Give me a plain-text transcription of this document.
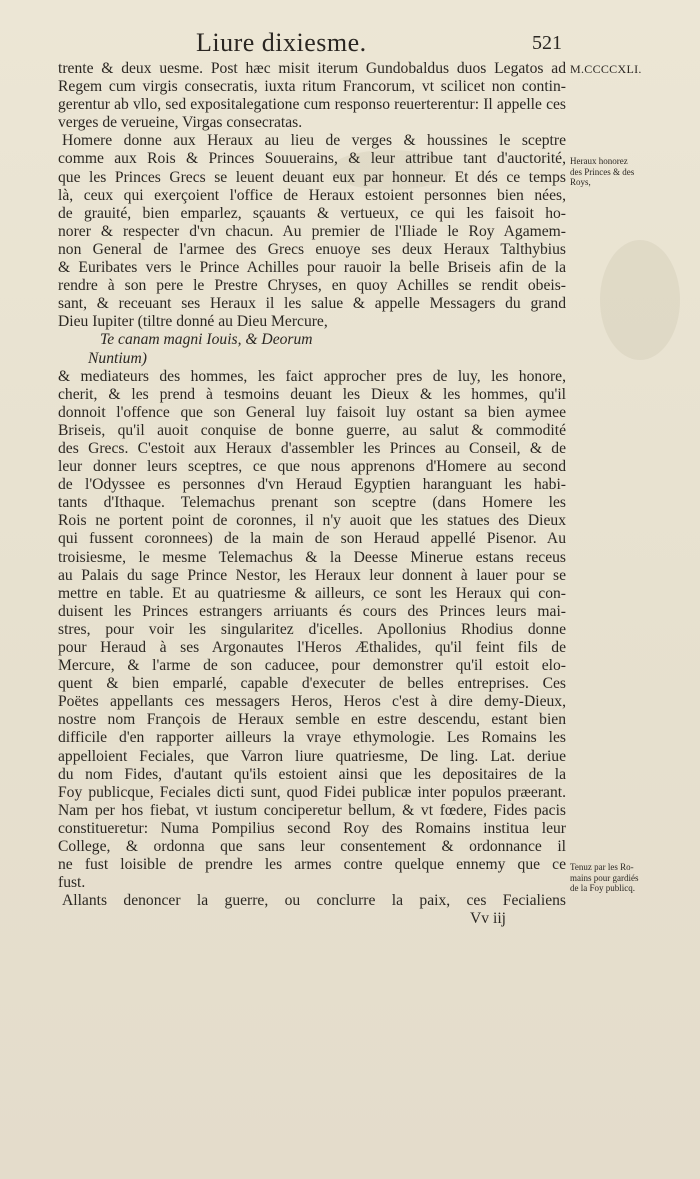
Liure dixiesme.	521
M.CCCCXLI.
Heraux honorez
des Princes & des
Roys,
Tenuz par les Ro-
mains pour gardiés
de la Foy publicq.
trente & deux uesme. Post hæc misit iterum Gundobaldus duos Legatos ad
Regem cum virgis consecratis, iuxta ritum Francorum, vt scilicet non contin-
gerentur ab vllo, sed expositalegatione cum responso reuerterentur: Il appelle ces
verges de verueine, Virgas consecratas.
Homere donne aux Heraux au lieu de verges & houssines le sceptre
comme aux Rois & Princes Souuerains, & leur attribue tant d'auctorité,
que les Princes Grecs se leuent deuant eux par honneur. Et dés ce temps
là, ceux qui exerçoient l'office de Heraux estoient personnes bien nées,
de grauité, bien emparlez, sçauants & vertueux, ce qui les faisoit ho-
norer & respecter d'vn chacun. Au premier de l'Iliade le Roy Agamem-
non General de l'armee des Grecs enuoye ses deux Heraux Talthybius
& Euribates vers le Prince Achilles pour rauoir la belle Briseis afin de la
rendre à son pere le Prestre Chryses, en quoy Achilles se rendit obeis-
sant, & receuant ses Heraux il les salue & appelle Messagers du grand
Dieu Iupiter (tiltre donné au Dieu Mercure,
Te canam magni Iouis, & Deorum
Nuntium)
& mediateurs des hommes, les faict approcher pres de luy, les honore,
cherit, & les prend à tesmoins deuant les Dieux & les hommes, qu'il
donnoit l'offence que son General luy faisoit luy ostant sa bien aymee
Briseis, qu'il auoit conquise de bonne guerre, au salut & commodité
des Grecs. C'estoit aux Heraux d'assembler les Princes au Conseil, & de
leur donner leurs sceptres, ce que nous apprenons d'Homere au second
de l'Odyssee es personnes d'vn Heraud Egyptien haranguant les habi-
tants d'Ithaque. Telemachus prenant son sceptre (dans Homere les
Rois ne portent point de coronnes, il n'y auoit que les statues des Dieux
qui fussent coronnees) de la main de son Heraud appellé Pisenor. Au
troisiesme, le mesme Telemachus & la Deesse Minerue estans receus
au Palais du sage Prince Nestor, les Heraux leur donnent à lauer pour se
mettre en table. Et au quatriesme & ailleurs, ce sont les Heraux qui con-
duisent les Princes estrangers arriuants és cours des Princes leurs mai-
stres, pour voir les singularitez d'icelles. Apollonius Rhodius donne
pour Heraud à ses Argonautes l'Heros Æthalides, qu'il feint fils de
Mercure, & l'arme de son caducee, pour demonstrer qu'il estoit elo-
quent & bien emparlé, capable d'executer de belles entreprises. Ces
Poëtes appellants ces messagers Heros, Heros c'est à dire demy-Dieux,
nostre nom François de Heraux semble en estre descendu, estant bien
difficile d'en rapporter ailleurs la vraye ethymologie. Les Romains les
appelloient Feciales, que Varron liure quatriesme, De ling. Lat. deriue
du nom Fides, d'autant qu'ils estoient ainsi que les depositaires de la
Foy publicque, Feciales dicti sunt, quod Fidei publicæ inter populos præerant.
Nam per hos fiebat, vt iustum conciperetur bellum, & vt fœdere, Fides pacis
constitueretur: Numa Pompilius second Roy des Romains institua leur
College, & ordonna que sans leur consentement & ordonnance il
ne fust loisible de prendre les armes contre quelque ennemy que ce
fust.
Allants denoncer la guerre, ou conclurre la paix, ces Fecialiens
Vv iij
